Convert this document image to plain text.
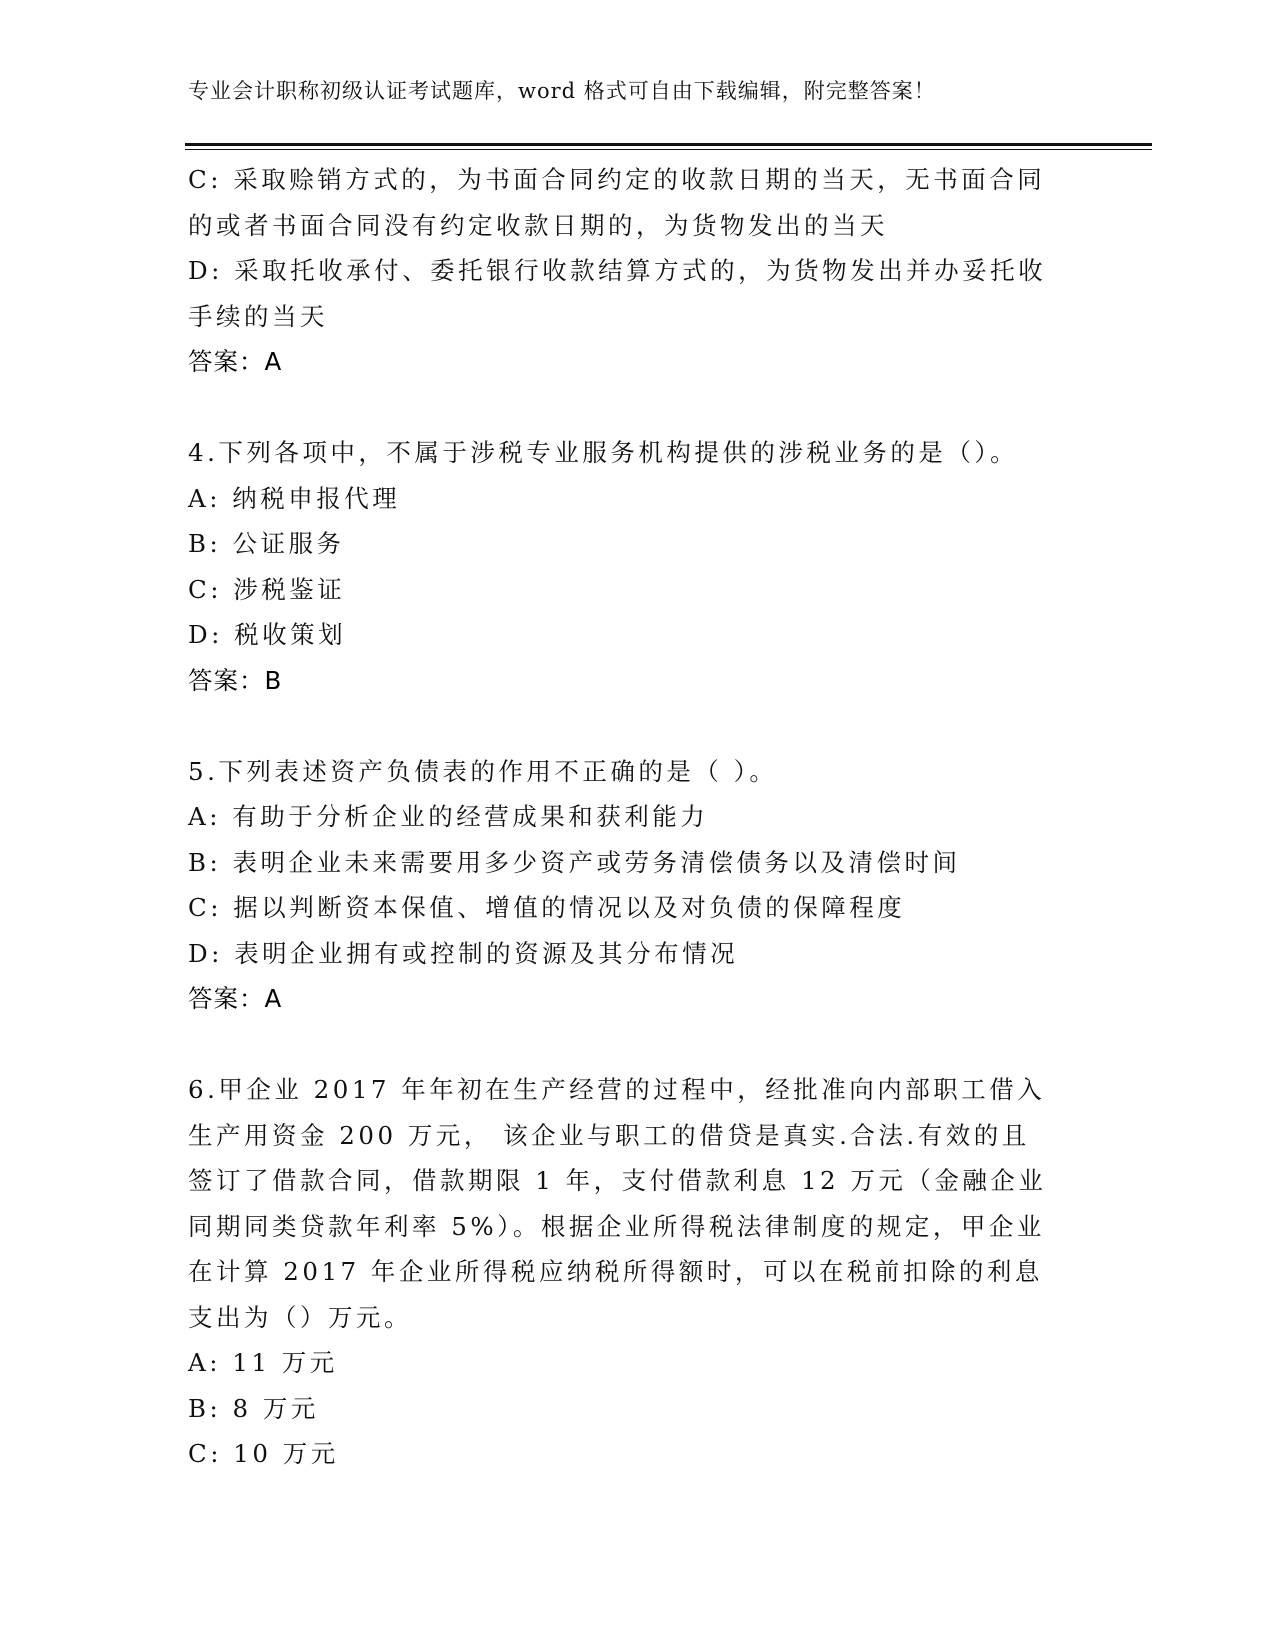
专业会计职称初级认证考试题库，word 格式可自由下载编辑，附完整答案！
C: 采取赊销方式的，为书面合同约定的收款日期的当天，无书面合同
的或者书面合同没有约定收款日期的，为货物发出的当天
D: 采取托收承付、委托银行收款结算方式的，为货物发出并办妥托收
手续的当天
答案：A
4.下列各项中，不属于涉税专业服务机构提供的涉税业务的是（）。
A: 纳税申报代理
B: 公证服务
C: 涉税鉴证
D: 税收策划
答案：B
5.下列表述资产负债表的作用不正确的是（ ）。
A: 有助于分析企业的经营成果和获利能力
B: 表明企业未来需要用多少资产或劳务清偿债务以及清偿时间
C: 据以判断资本保值、增值的情况以及对负债的保障程度
D: 表明企业拥有或控制的资源及其分布情况
答案：A
6.甲企业 2017 年年初在生产经营的过程中，经批准向内部职工借入
生产用资金 200 万元， 该企业与职工的借贷是真实.合法.有效的且
签订了借款合同，借款期限 1 年，支付借款利息 12 万元（金融企业
同期同类贷款年利率 5%）。根据企业所得税法律制度的规定，甲企业
在计算 2017 年企业所得税应纳税所得额时，可以在税前扣除的利息
支出为（）万元。
A: 11 万元
B: 8 万元
C: 10 万元
